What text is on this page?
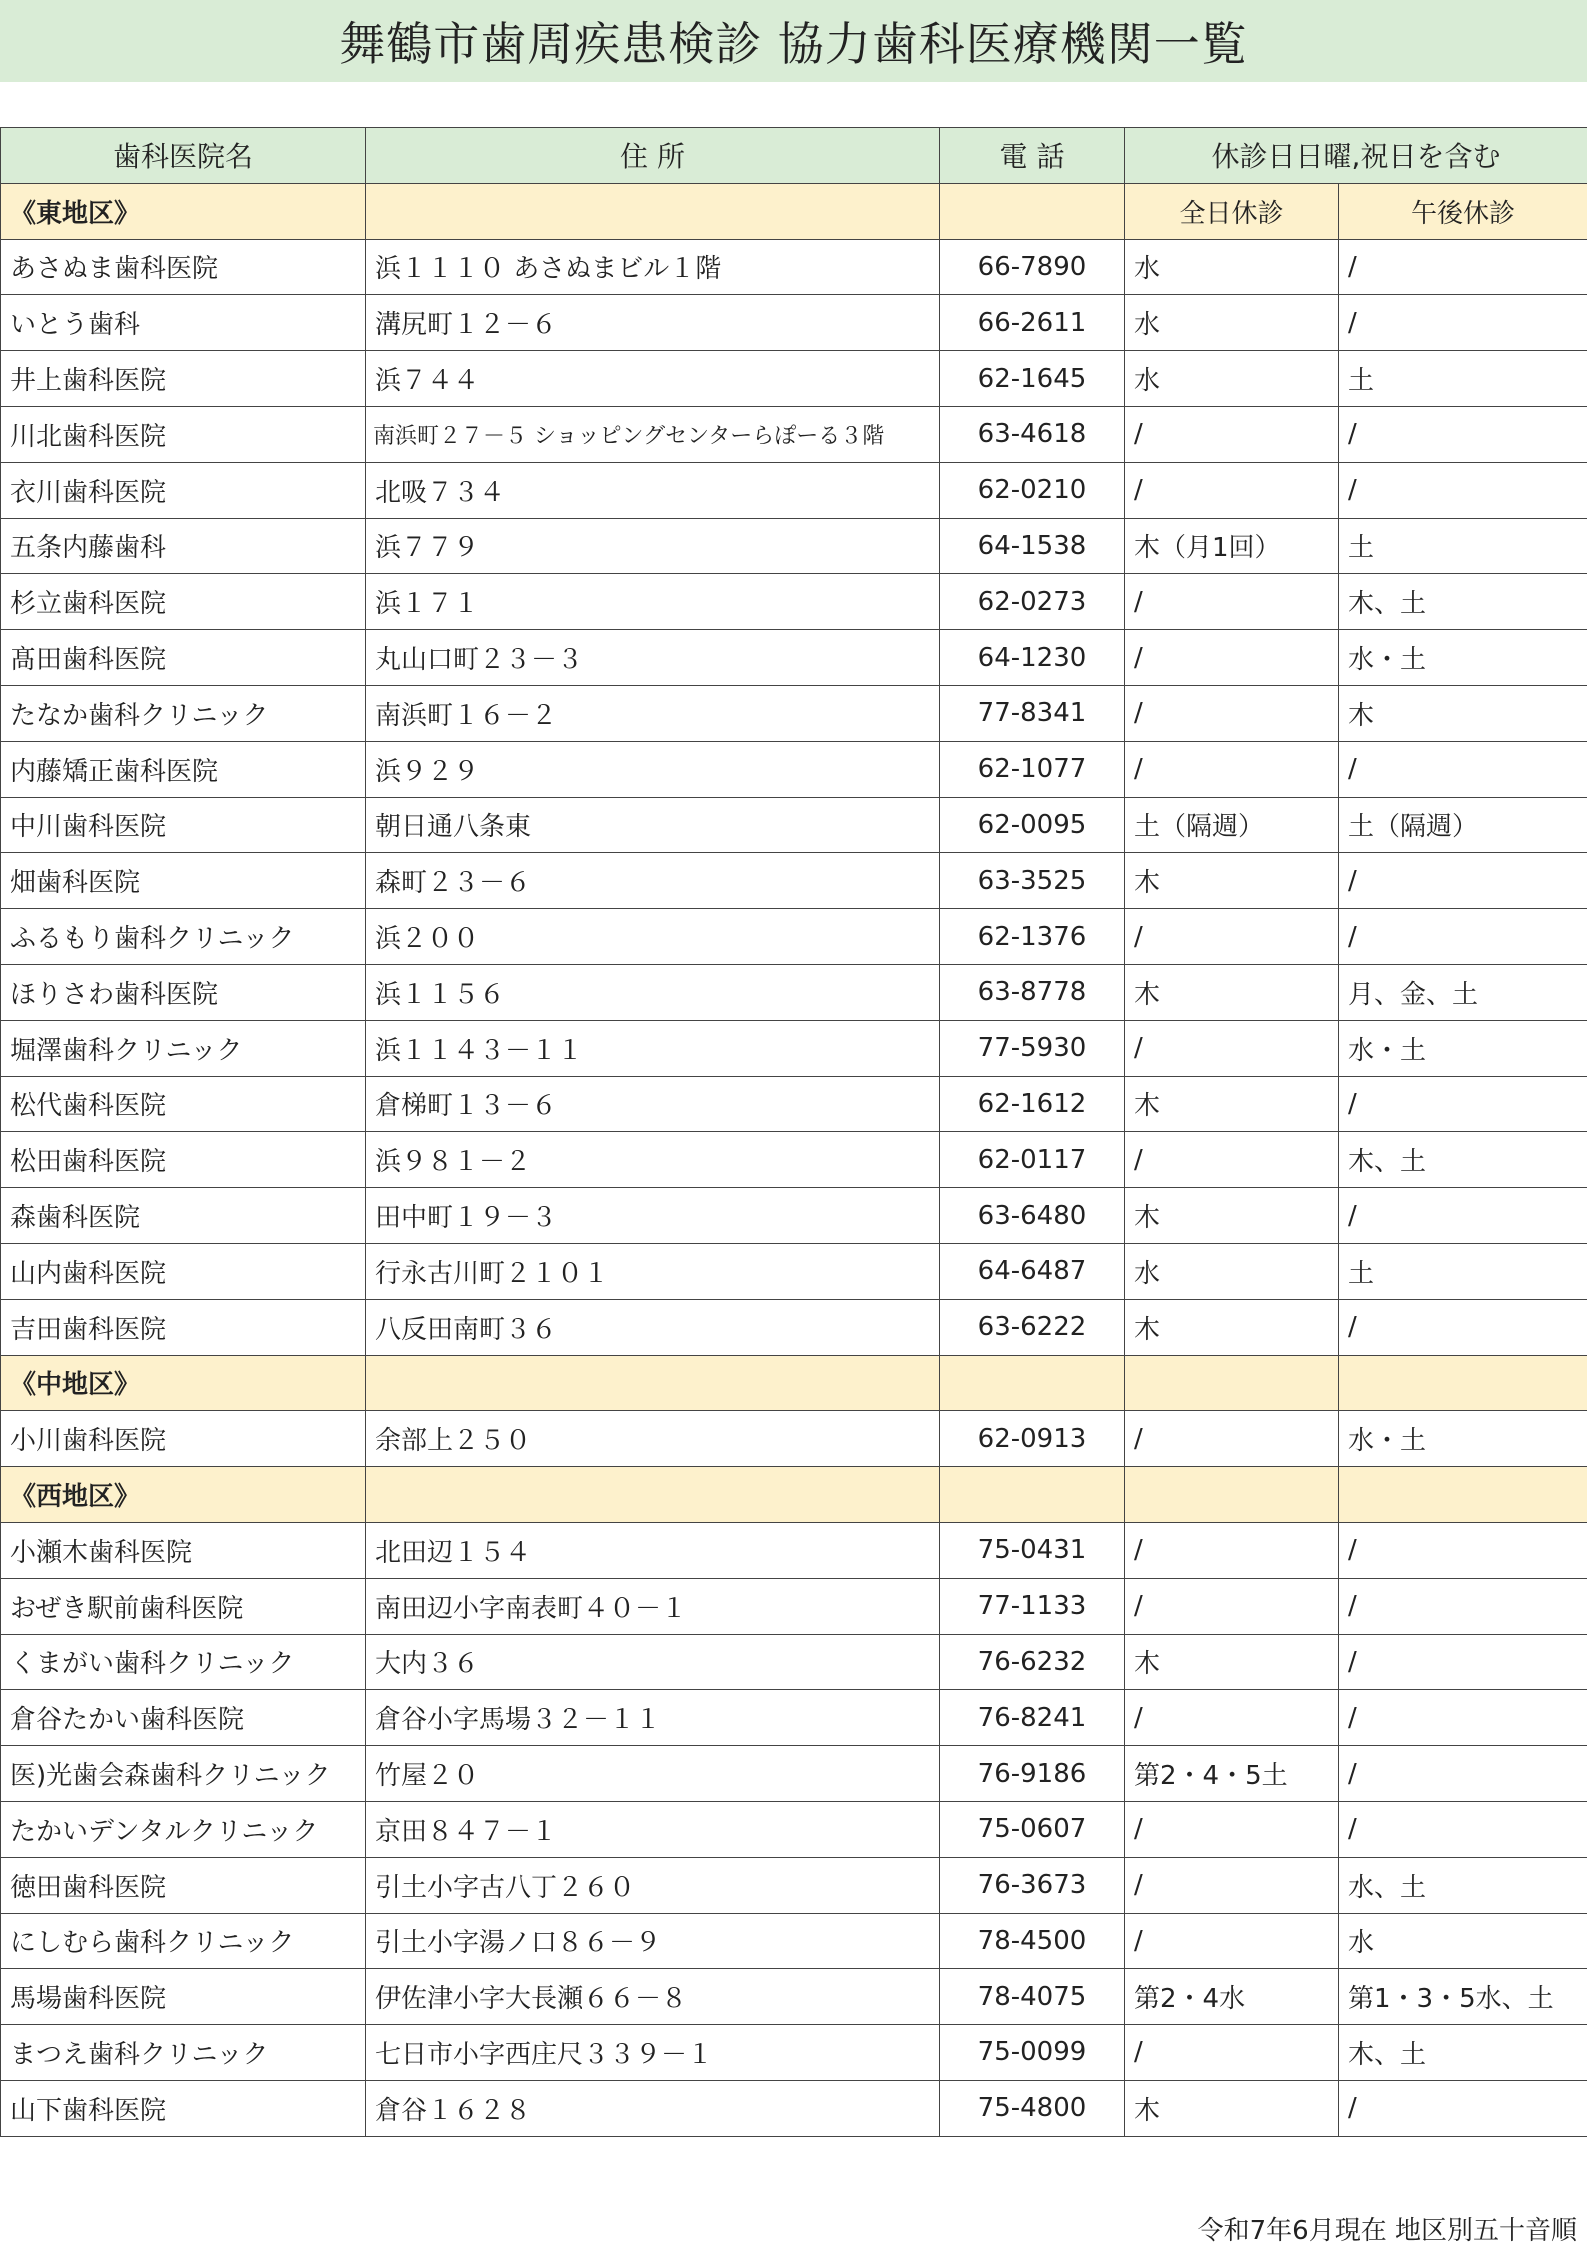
舞鶴市歯周疾患検診 協力歯科医療機関一覧
歯科医院名	住 所	電 話	休診日日曜,祝日を含む	
《東地区》			全日休診	午後休診
あさぬま歯科医院	浜１１１０ あさぬまビル１階	66-7890	水	/
いとう歯科	溝尻町１２－６	66-2611	水	/
井上歯科医院	浜７４４	62-1645	水	土
川北歯科医院	南浜町２７－５ ショッピングセンターらぽーる３階	63-4618	/	/
衣川歯科医院	北吸７３４	62-0210	/	/
五条内藤歯科	浜７７９	64-1538	木（月1回）	土
杉立歯科医院	浜１７１	62-0273	/	木、土
髙田歯科医院	丸山口町２３－３	64-1230	/	水・土
たなか歯科クリニック	南浜町１６－２	77-8341	/	木
内藤矯正歯科医院	浜９２９	62-1077	/	/
中川歯科医院	朝日通八条東	62-0095	土（隔週）	土（隔週）
畑歯科医院	森町２３－６	63-3525	木	/
ふるもり歯科クリニック	浜２００	62-1376	/	/
ほりさわ歯科医院	浜１１５６	63-8778	木	月、金、土
堀澤歯科クリニック	浜１１４３－１１	77-5930	/	水・土
松代歯科医院	倉梯町１３－６	62-1612	木	/
松田歯科医院	浜９８１－２	62-0117	/	木、土
森歯科医院	田中町１９－３	63-6480	木	/
山内歯科医院	行永古川町２１０１	64-6487	水	土
吉田歯科医院	八反田南町３６	63-6222	木	/
《中地区》				
小川歯科医院	余部上２５０	62-0913	/	水・土
《西地区》				
小瀬木歯科医院	北田辺１５４	75-0431	/	/
おぜき駅前歯科医院	南田辺小字南表町４０－１	77-1133	/	/
くまがい歯科クリニック	大内３６	76-6232	木	/
倉谷たかい歯科医院	倉谷小字馬場３２－１１	76-8241	/	/
医)光歯会森歯科クリニック	竹屋２０	76-9186	第2・4・5土	/
たかいデンタルクリニック	京田８４７－１	75-0607	/	/
徳田歯科医院	引土小字古八丁２６０	76-3673	/	水、土
にしむら歯科クリニック	引土小字湯ノ口８６－９	78-4500	/	水
馬場歯科医院	伊佐津小字大長瀬６６－８	78-4075	第2・4水	第1・3・5水、土
まつえ歯科クリニック	七日市小字西庄尺３３９－１	75-0099	/	木、土
山下歯科医院	倉谷１６２８	75-4800	木	/
令和7年6月現在 地区別五十音順
